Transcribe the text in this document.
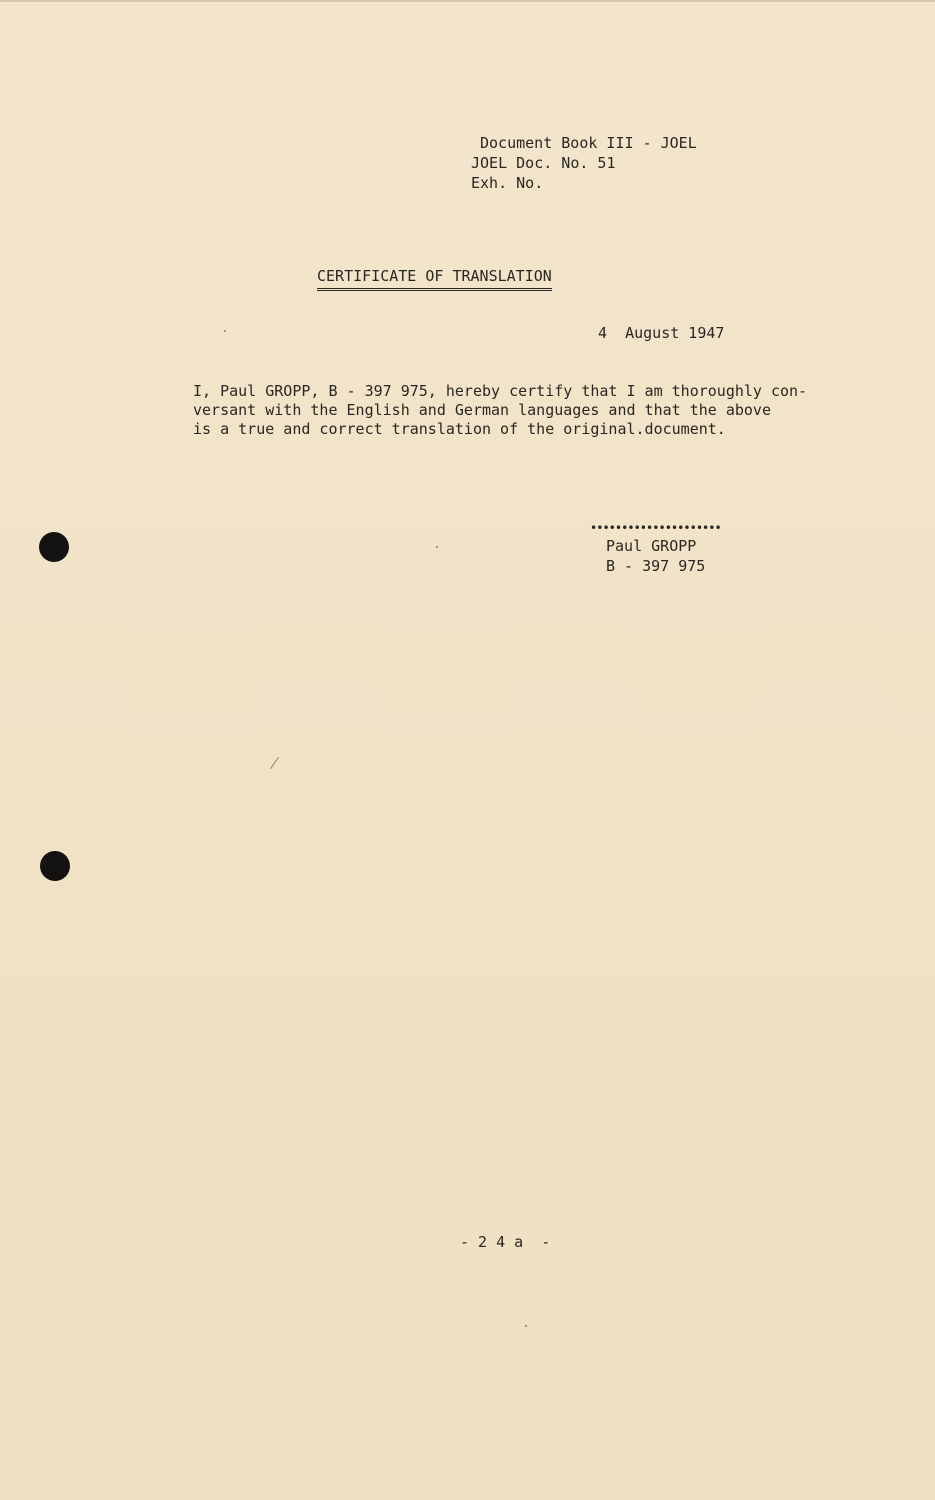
Document Book III - JOEL
JOEL Doc. No. 51
Exh. No.
CERTIFICATE OF TRANSLATION
4  August 1947
I, Paul GROPP, B - 397 975, hereby certify that I am thoroughly con-
versant with the English and German languages and that the above
is a true and correct translation of the original.document.
•••••••••••••••••••••
Paul GROPP
B - 397 975
- 2 4 a  -
